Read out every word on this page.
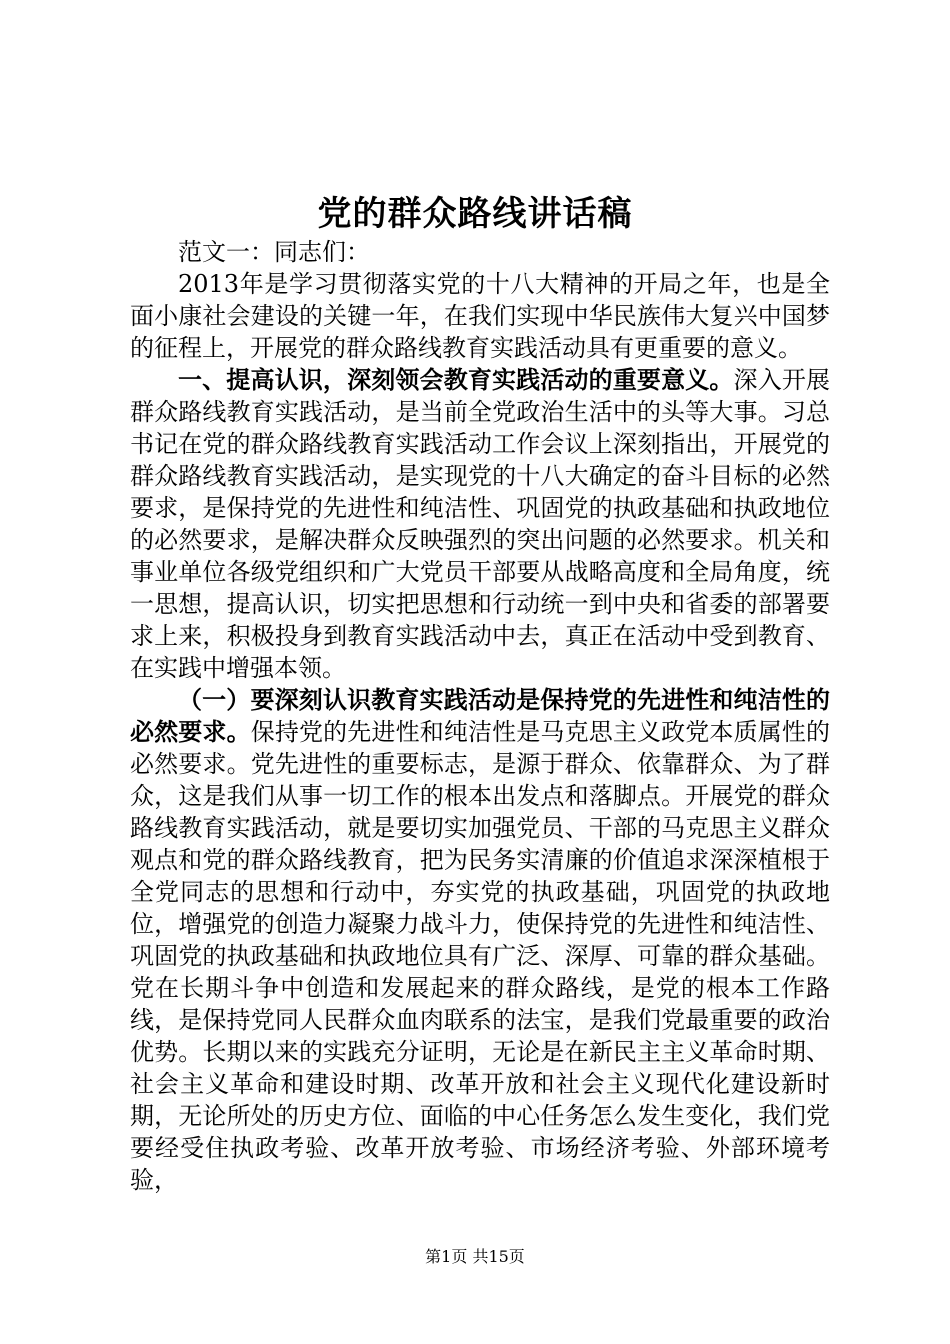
党的群众路线讲话稿

范文一：同志们：

2013年是学习贯彻落实党的十八大精神的开局之年，也是全面小康社会建设的关键一年，在我们实现中华民族伟大复兴中国梦的征程上，开展党的群众路线教育实践活动具有更重要的意义。

一、提高认识，深刻领会教育实践活动的重要意义。深入开展群众路线教育实践活动，是当前全党政治生活中的头等大事。习总书记在党的群众路线教育实践活动工作会议上深刻指出，开展党的群众路线教育实践活动，是实现党的十八大确定的奋斗目标的必然要求，是保持党的先进性和纯洁性、巩固党的执政基础和执政地位的必然要求，是解决群众反映强烈的突出问题的必然要求。机关和事业单位各级党组织和广大党员干部要从战略高度和全局角度，统一思想，提高认识，切实把思想和行动统一到中央和省委的部署要求上来，积极投身到教育实践活动中去，真正在活动中受到教育、在实践中增强本领。

（一）要深刻认识教育实践活动是保持党的先进性和纯洁性的必然要求。保持党的先进性和纯洁性是马克思主义政党本质属性的必然要求。党先进性的重要标志，是源于群众、依靠群众、为了群众，这是我们从事一切工作的根本出发点和落脚点。开展党的群众路线教育实践活动，就是要切实加强党员、干部的马克思主义群众观点和党的群众路线教育，把为民务实清廉的价值追求深深植根于全党同志的思想和行动中，夯实党的执政基础，巩固党的执政地位，增强党的创造力凝聚力战斗力，使保持党的先进性和纯洁性、巩固党的执政基础和执政地位具有广泛、深厚、可靠的群众基础。党在长期斗争中创造和发展起来的群众路线，是党的根本工作路线，是保持党同人民群众血肉联系的法宝，是我们党最重要的政治优势。长期以来的实践充分证明，无论是在新民主主义革命时期、社会主义革命和建设时期、改革开放和社会主义现代化建设新时期，无论所处的历史方位、面临的中心任务怎么发生变化，我们党要经受住执政考验、改革开放考验、市场经济考验、外部环境考验，

第1页 共15页
